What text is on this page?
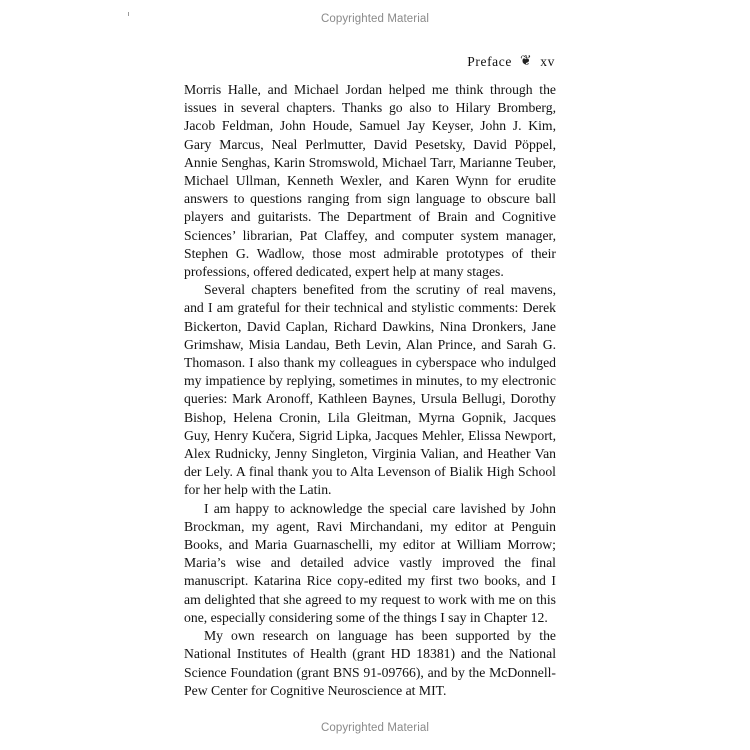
Copyrighted Material
Preface ❦ xv

Morris Halle, and Michael Jordan helped me think through the issues in several chapters. Thanks go also to Hilary Bromberg, Jacob Feldman, John Houde, Samuel Jay Keyser, John J. Kim, Gary Marcus, Neal Perlmutter, David Pesetsky, David Pöppel, Annie Senghas, Karin Stromswold, Michael Tarr, Marianne Teuber, Michael Ullman, Kenneth Wexler, and Karen Wynn for erudite answers to questions ranging from sign language to obscure ball players and guitarists. The Department of Brain and Cognitive Sciences’ librarian, Pat Claffey, and computer system manager, Stephen G. Wadlow, those most admirable prototypes of their professions, offered dedicated, expert help at many stages.

Several chapters benefited from the scrutiny of real mavens, and I am grateful for their technical and stylistic comments: Derek Bickerton, David Caplan, Richard Dawkins, Nina Dronkers, Jane Grimshaw, Misia Landau, Beth Levin, Alan Prince, and Sarah G. Thomason. I also thank my colleagues in cyberspace who indulged my impatience by replying, sometimes in minutes, to my electronic queries: Mark Aronoff, Kathleen Baynes, Ursula Bellugi, Dorothy Bishop, Helena Cronin, Lila Gleitman, Myrna Gopnik, Jacques Guy, Henry Kučera, Sigrid Lipka, Jacques Mehler, Elissa Newport, Alex Rudnicky, Jenny Singleton, Virginia Valian, and Heather Van der Lely. A final thank you to Alta Levenson of Bialik High School for her help with the Latin.

I am happy to acknowledge the special care lavished by John Brockman, my agent, Ravi Mirchandani, my editor at Penguin Books, and Maria Guarnaschelli, my editor at William Morrow; Maria’s wise and detailed advice vastly improved the final manuscript. Katarina Rice copy-edited my first two books, and I am delighted that she agreed to my request to work with me on this one, especially considering some of the things I say in Chapter 12.

My own research on language has been supported by the National Institutes of Health (grant HD 18381) and the National Science Foundation (grant BNS 91-09766), and by the McDonnell-Pew Center for Cognitive Neuroscience at MIT.

Copyrighted Material
